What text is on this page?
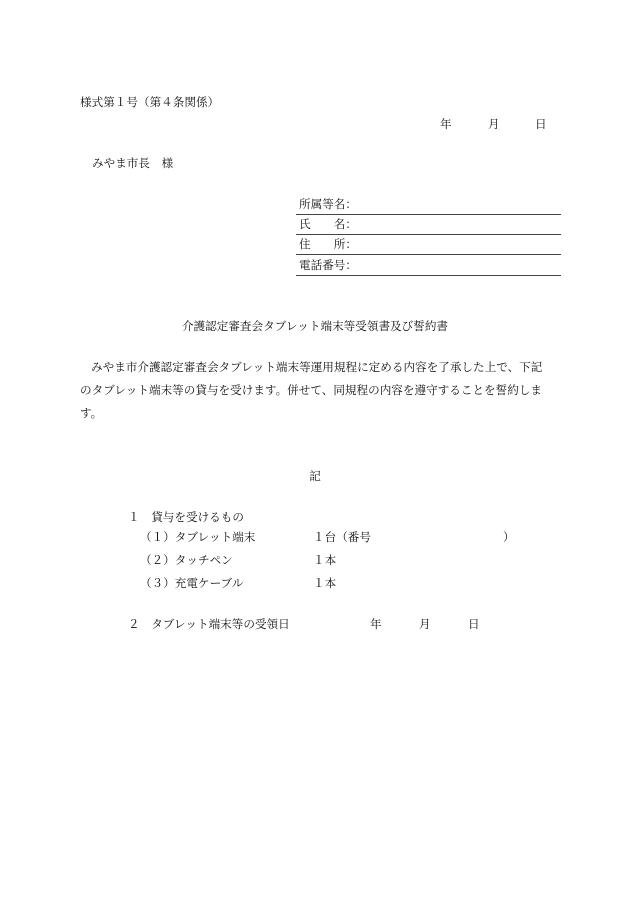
様式第１号（第４条関係）
年	月	日
みやま市長　様
所属等名：
氏　　名：
住　　所：
電話番号：
介護認定審査会タブレット端末等受領書及び誓約書

みやま市介護認定審査会タブレット端末等運用規程に定める内容を了承した上で、下記のタブレット端末等の貸与を受けます。併せて、同規程の内容を遵守することを誓約します。

記
１　貸与を受けるもの
（１）タブレット端末	１台（番号	）
（２）タッチペン	１本
（３）充電ケーブル	１本
２　タブレット端末等の受領日	年	月	日
